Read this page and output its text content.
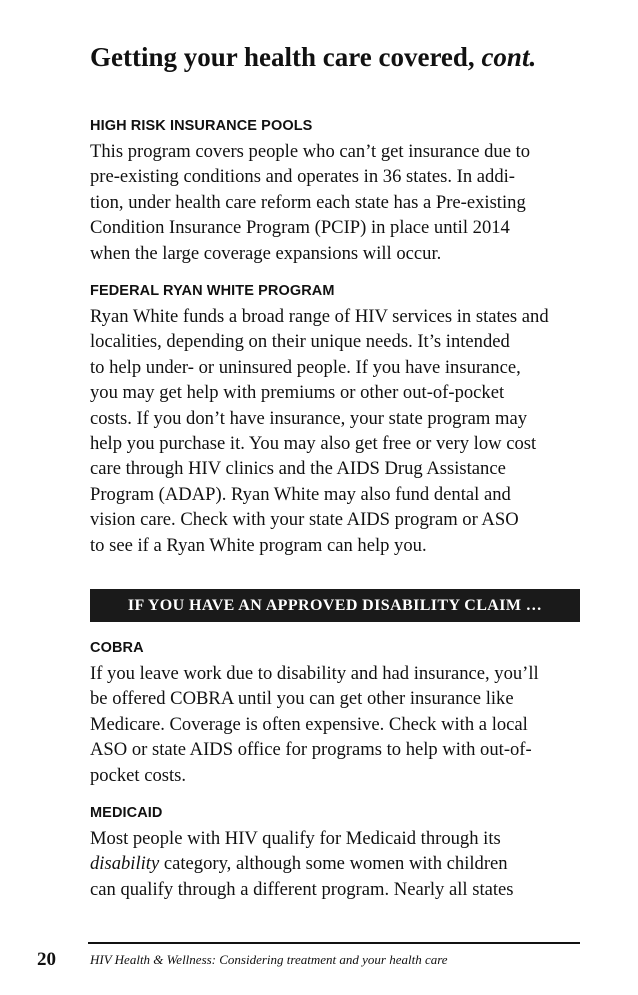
Getting your health care covered, cont.
HIGH RISK INSURANCE POOLS

This program covers people who can’t get insurance due to
pre-existing conditions and operates in 36 states. In addi-
tion, under health care reform each state has a Pre-existing
Condition Insurance Program (PCIP) in place until 2014
when the large coverage expansions will occur.

FEDERAL RYAN WHITE PROGRAM

Ryan White funds a broad range of HIV services in states and
localities, depending on their unique needs. It’s intended
to help under- or uninsured people. If you have insurance,
you may get help with premiums or other out-of-pocket
costs. If you don’t have insurance, your state program may
help you purchase it. You may also get free or very low cost
care through HIV clinics and the AIDS Drug Assistance
Program (ADAP). Ryan White may also fund dental and
vision care. Check with your state AIDS program or ASO
to see if a Ryan White program can help you.

IF YOU HAVE AN APPROVED DISABILITY CLAIM …
COBRA

If you leave work due to disability and had insurance, you’ll
be offered COBRA until you can get other insurance like
Medicare. Coverage is often expensive. Check with a local
ASO or state AIDS office for programs to help with out-of-
pocket costs.

MEDICAID

Most people with HIV qualify for Medicaid through its
disability category, although some women with children
can qualify through a different program. Nearly all states

20	HIV Health & Wellness: Considering treatment and your health care
